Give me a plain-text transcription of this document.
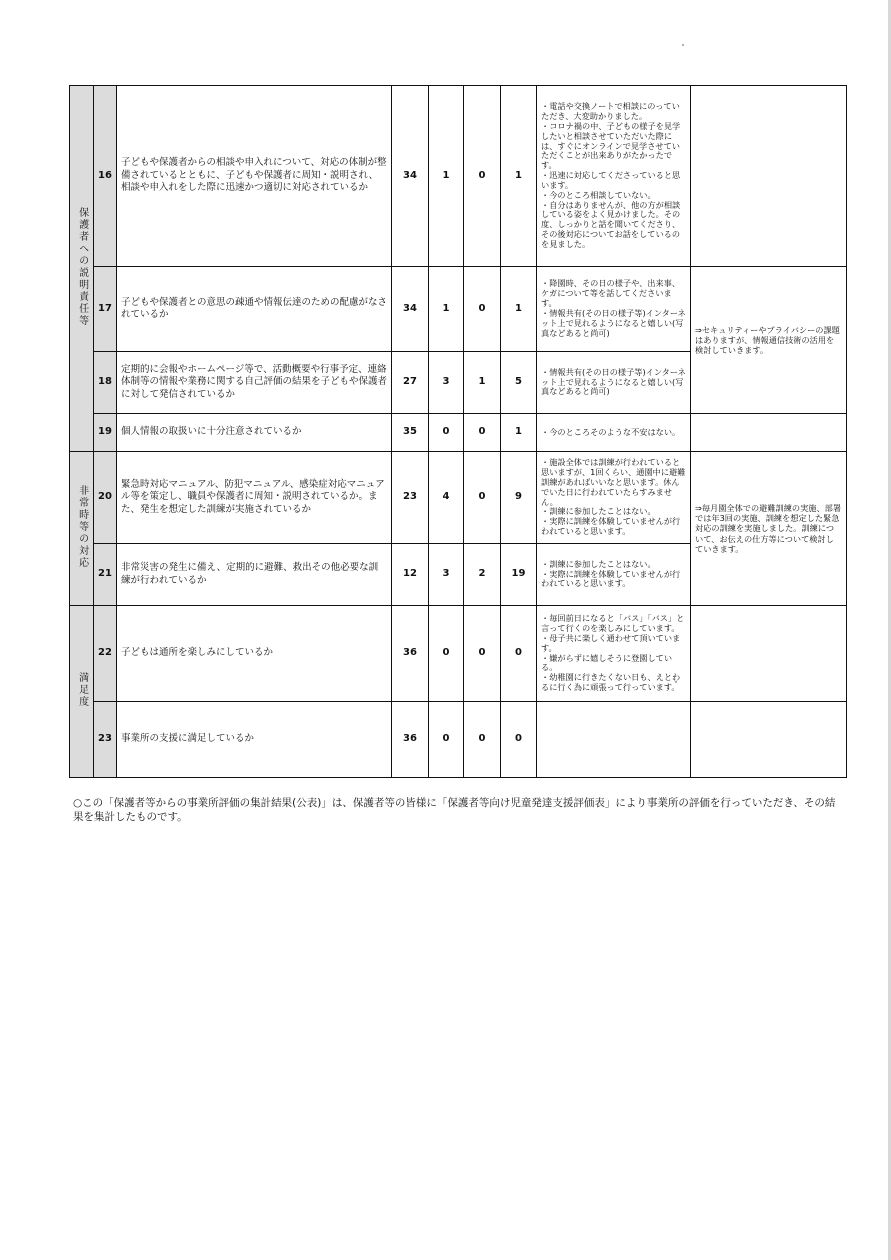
保護者への説明責任等	16	子どもや保護者からの相談や申入れについて、対応の体制が整備されているとともに、子どもや保護者に周知・説明され、相談や申入れをした際に迅速かつ適切に対応されているか	34	1	0	1	・電話や交換ノートで相談にのっていただき、大変助かりました。
・コロナ禍の中、子どもの様子を見学したいと相談させていただいた際には、すぐにオンラインで見学させていただくことが出来ありがたかったです。
・迅速に対応してくださっていると思います。
・今のところ相談していない。
・自分はありませんが、他の方が相談している姿をよく見かけました。その度、しっかりと話を聞いてくださり、その後対応についてお話をしているのを見ました。	
	17	子どもや保護者との意思の疎通や情報伝達のための配慮がなされているか	34	1	0	1	・降園時、その日の様子や、出来事、ケガについて等を話してくださいます。
・情報共有(その日の様子等)インターネット上で見れるようになると嬉しい(写真などあると尚可)	⇒セキュリティーやプライバシーの課題はありますが、情報通信技術の活用を検討していきます。
	18	定期的に会報やホームページ等で、活動概要や行事予定、連絡体制等の情報や業務に関する自己評価の結果を子どもや保護者に対して発信されているか	27	3	1	5	・情報共有(その日の様子等)インターネット上で見れるようになると嬉しい(写真などあると尚可)	
	19	個人情報の取扱いに十分注意されているか	35	0	0	1	・今のところそのような不安はない。	
非常時等の対応	20	緊急時対応マニュアル、防犯マニュアル、感染症対応マニュアル等を策定し、職員や保護者に周知・説明されているか。また、発生を想定した訓練が実施されているか	23	4	0	9	・施設全体では訓練が行われていると思いますが、1回くらい、通園中に避難訓練があればいいなと思います。休んでいた日に行われていたらすみません。
・訓練に参加したことはない。
・実際に訓練を体験していませんが行われていると思います。	⇒毎月園全体での避難訓練の実施、部署では年3回の実施、訓練を想定した緊急対応の訓練を実施しました。訓練について、お伝えの仕方等について検討していきます。
	21	非常災害の発生に備え、定期的に避難、救出その他必要な訓練が行われているか	12	3	2	19	・訓練に参加したことはない。
・実際に訓練を体験していませんが行われていると思います。	
満足度	22	子どもは通所を楽しみにしているか	36	0	0	0	・毎回前日になると「バス」「バス」と言って行くのを楽しみにしています。
・母子共に楽しく通わせて頂いています。
・嫌がらずに嬉しそうに登園している。
・幼稚園に行きたくない日も、えとわるに行く為に頑張って行っています。	
	23	事業所の支援に満足しているか	36	0	0	0		

○この「保護者等からの事業所評価の集計結果(公表)」は、保護者等の皆様に「保護者等向け児童発達支援評価表」により事業所の評価を行っていただき、その結果を集計したものです。
